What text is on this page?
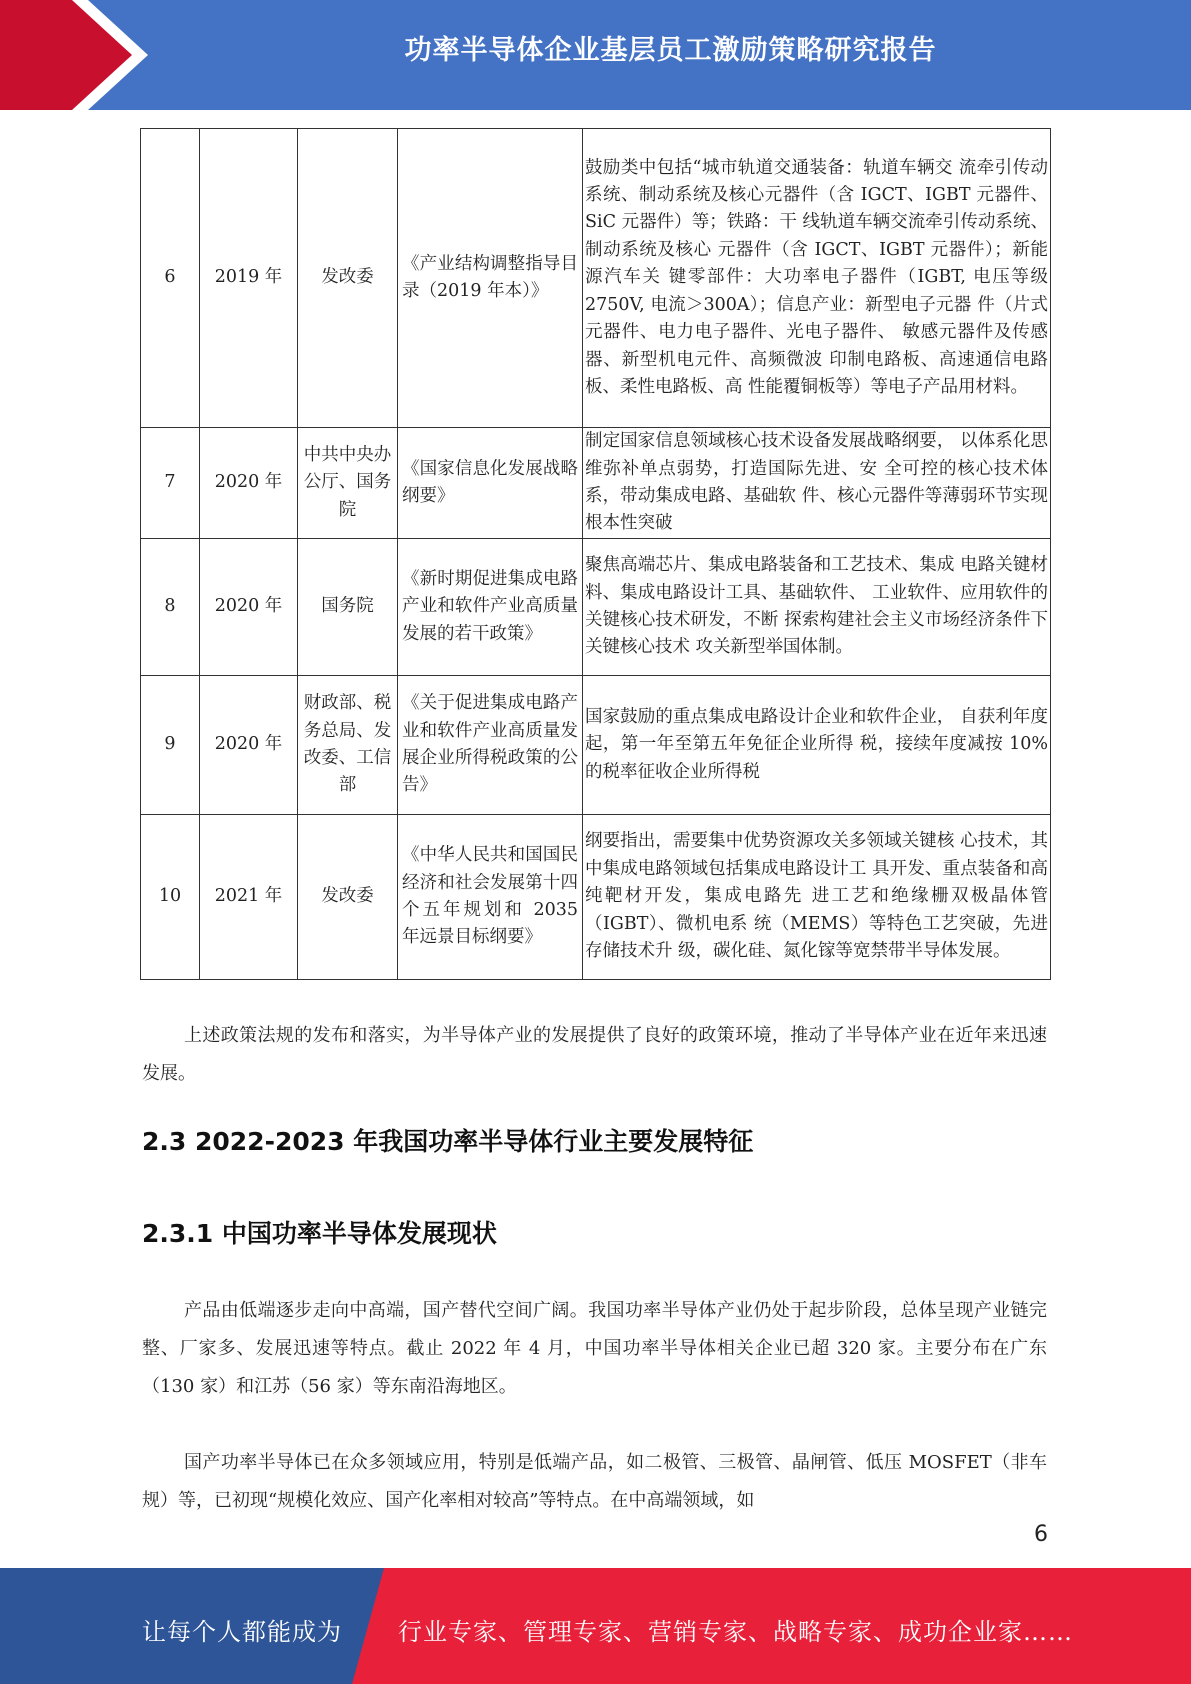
功率半导体企业基层员工激励策略研究报告
6	2019 年	发改委	《产业结构调整指导目录（2019 年本）》	鼓励类中包括“城市轨道交通装备：轨道车辆交 流牵引传动系统、制动系统及核心元器件（含 IGCT、IGBT 元器件、SiC 元器件）等；铁路：干 线轨道车辆交流牵引传动系统、制动系统及核心 元器件（含 IGCT、IGBT 元器件）；新能源汽车关 键零部件：大功率电子器件（IGBT, 电压等级 2750V, 电流＞300A）；信息产业：新型电子元器 件（片式元器件、电力电子器件、光电子器件、 敏感元器件及传感器、新型机电元件、高频微波 印制电路板、高速通信电路板、柔性电路板、高 性能覆铜板等）等电子产品用材料。
7	2020 年	中共中央办公厅、国务院	《国家信息化发展战略纲要》	制定国家信息领域核心技术设备发展战略纲要， 以体系化思维弥补单点弱势，打造国际先进、安 全可控的核心技术体系，带动集成电路、基础软 件、核心元器件等薄弱环节实现根本性突破
8	2020 年	国务院	《新时期促进集成电路产业和软件产业高质量发展的若干政策》	聚焦高端芯片、集成电路装备和工艺技术、集成 电路关键材料、集成电路设计工具、基础软件、 工业软件、应用软件的关键核心技术研发，不断 探索构建社会主义市场经济条件下关键核心技术 攻关新型举国体制。
9	2020 年	财政部、税务总局、发改委、工信部	《关于促进集成电路产业和软件产业高质量发展企业所得税政策的公告》	国家鼓励的重点集成电路设计企业和软件企业， 自获利年度起，第一年至第五年免征企业所得 税，接续年度减按 10%的税率征收企业所得税
10	2021 年	发改委	《中华人民共和国国民经济和社会发展第十四个五年规划和 2035 年远景目标纲要》	纲要指出，需要集中优势资源攻关多领域关键核 心技术，其中集成电路领域包括集成电路设计工 具开发、重点装备和高纯靶材开发，集成电路先 进工艺和绝缘栅双极晶体管（IGBT）、微机电系 统（MEMS）等特色工艺突破，先进存储技术升 级，碳化硅、氮化镓等宽禁带半导体发展。
上述政策法规的发布和落实，为半导体产业的发展提供了良好的政策环境，推动了半导体产业在近年来迅速发展。
2.3 2022-2023 年我国功率半导体行业主要发展特征
2.3.1 中国功率半导体发展现状
产品由低端逐步走向中高端，国产替代空间广阔。我国功率半导体产业仍处于起步阶段，总体呈现产业链完整、厂家多、发展迅速等特点。截止 2022 年 4 月，中国功率半导体相关企业已超 320 家。主要分布在广东（130 家）和江苏（56 家）等东南沿海地区。
国产功率半导体已在众多领域应用，特别是低端产品，如二极管、三极管、晶闸管、低压 MOSFET（非车规）等，已初现“规模化效应、国产化率相对较高”等特点。在中高端领域，如
6
让每个人都能成为 行业专家、管理专家、营销专家、战略专家、成功企业家……
